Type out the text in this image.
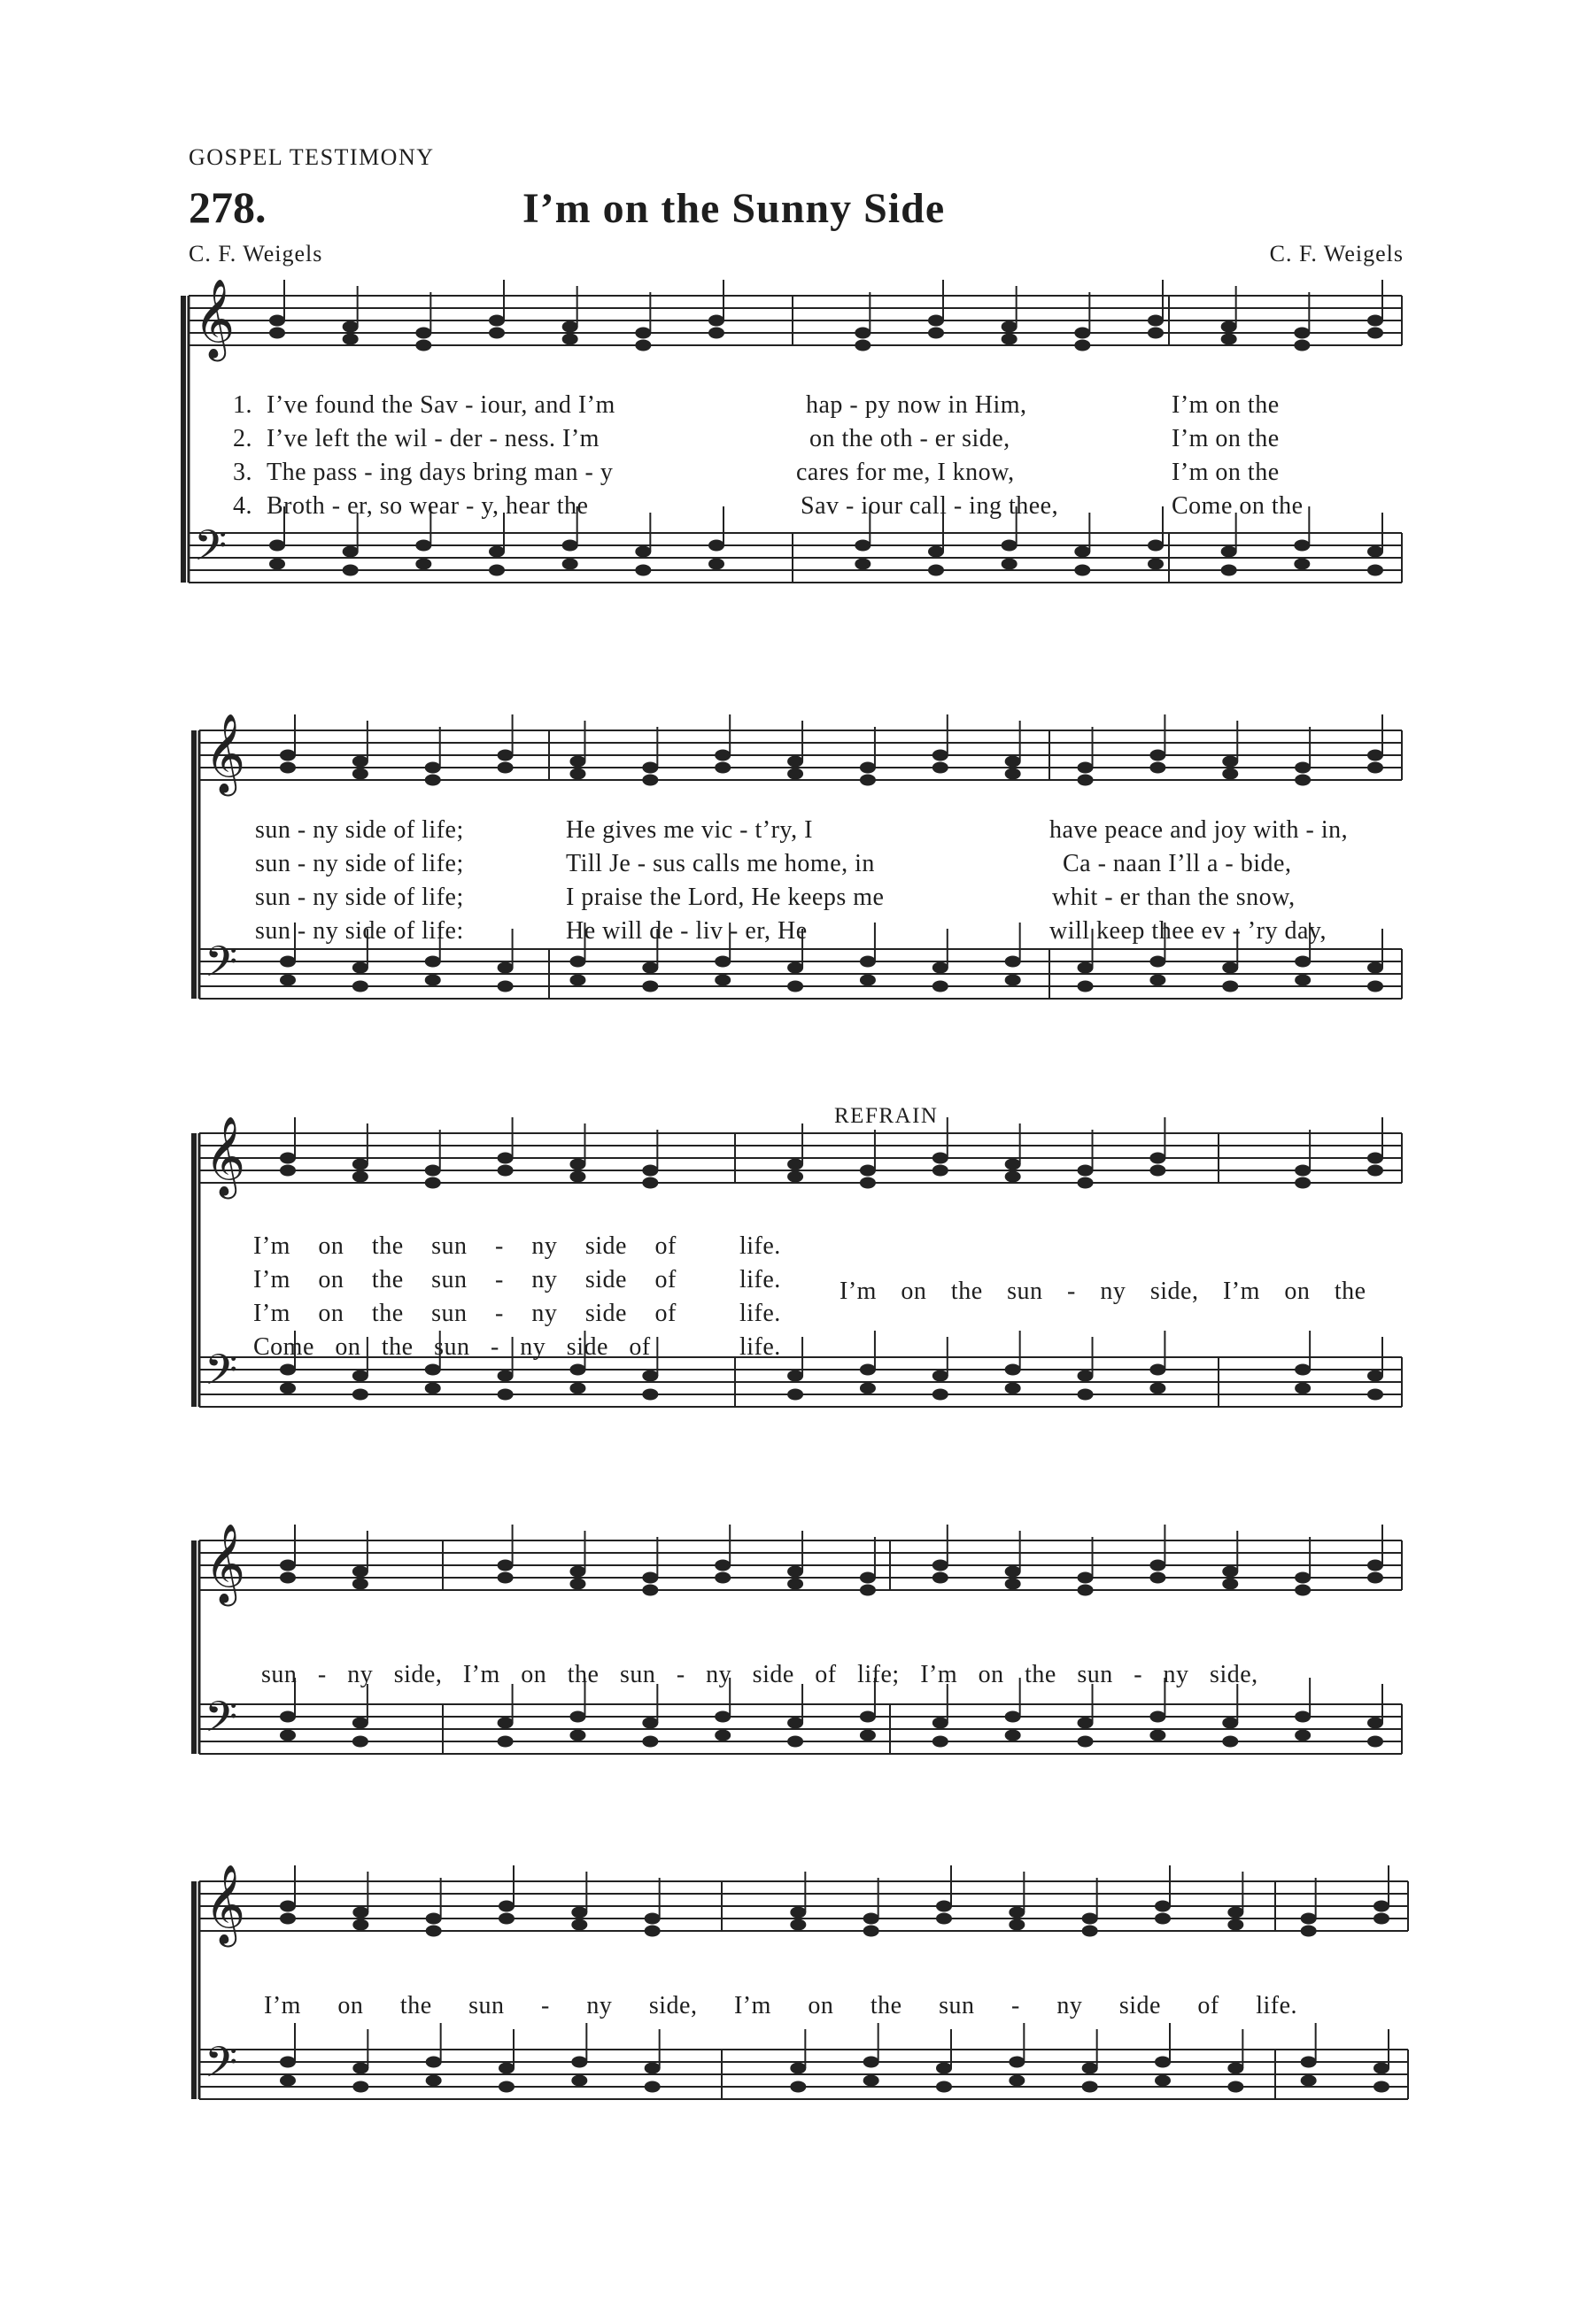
GOSPEL TESTIMONY
278.	I’m on the Sunny Side
C. F. Weigels	C. F. Weigels
𝄞
𝄢
𝄞
𝄢
𝄞
𝄢
𝄞
𝄢
𝄞
𝄢
1. I’ve found the Sav - iour, and I’m	hap - py now in Him,	I’m on the
2. I’ve left the wil - der - ness. I’m	on the oth - er side,	I’m on the
3. The pass - ing days bring man - y	cares for me, I know,	I’m on the
4. Broth - er, so wear - y, hear the	Sav - iour call - ing thee,	Come on the
sun - ny side of life;	He gives me vic - t’ry, I	have peace and joy with - in,
sun - ny side of life;	Till Je - sus calls me home, in	Ca - naan I’ll a - bide,
sun - ny side of life;	I praise the Lord, He keeps me	whit - er than the snow,
sun - ny side of life:	He will de - liv - er, He	will keep thee ev - ’ry day,
REFRAIN
I’m on the sun - ny side of	life.
I’m on the sun - ny side of	life.
I’m on the sun - ny side of	life.
Come on the sun - ny side of	life.
I’m on the sun - ny side, I’m on the
sun - ny side, I’m on the sun - ny side of life; I’m on the sun - ny side,
I’m on the sun - ny side, I’m on the sun - ny side of life.
